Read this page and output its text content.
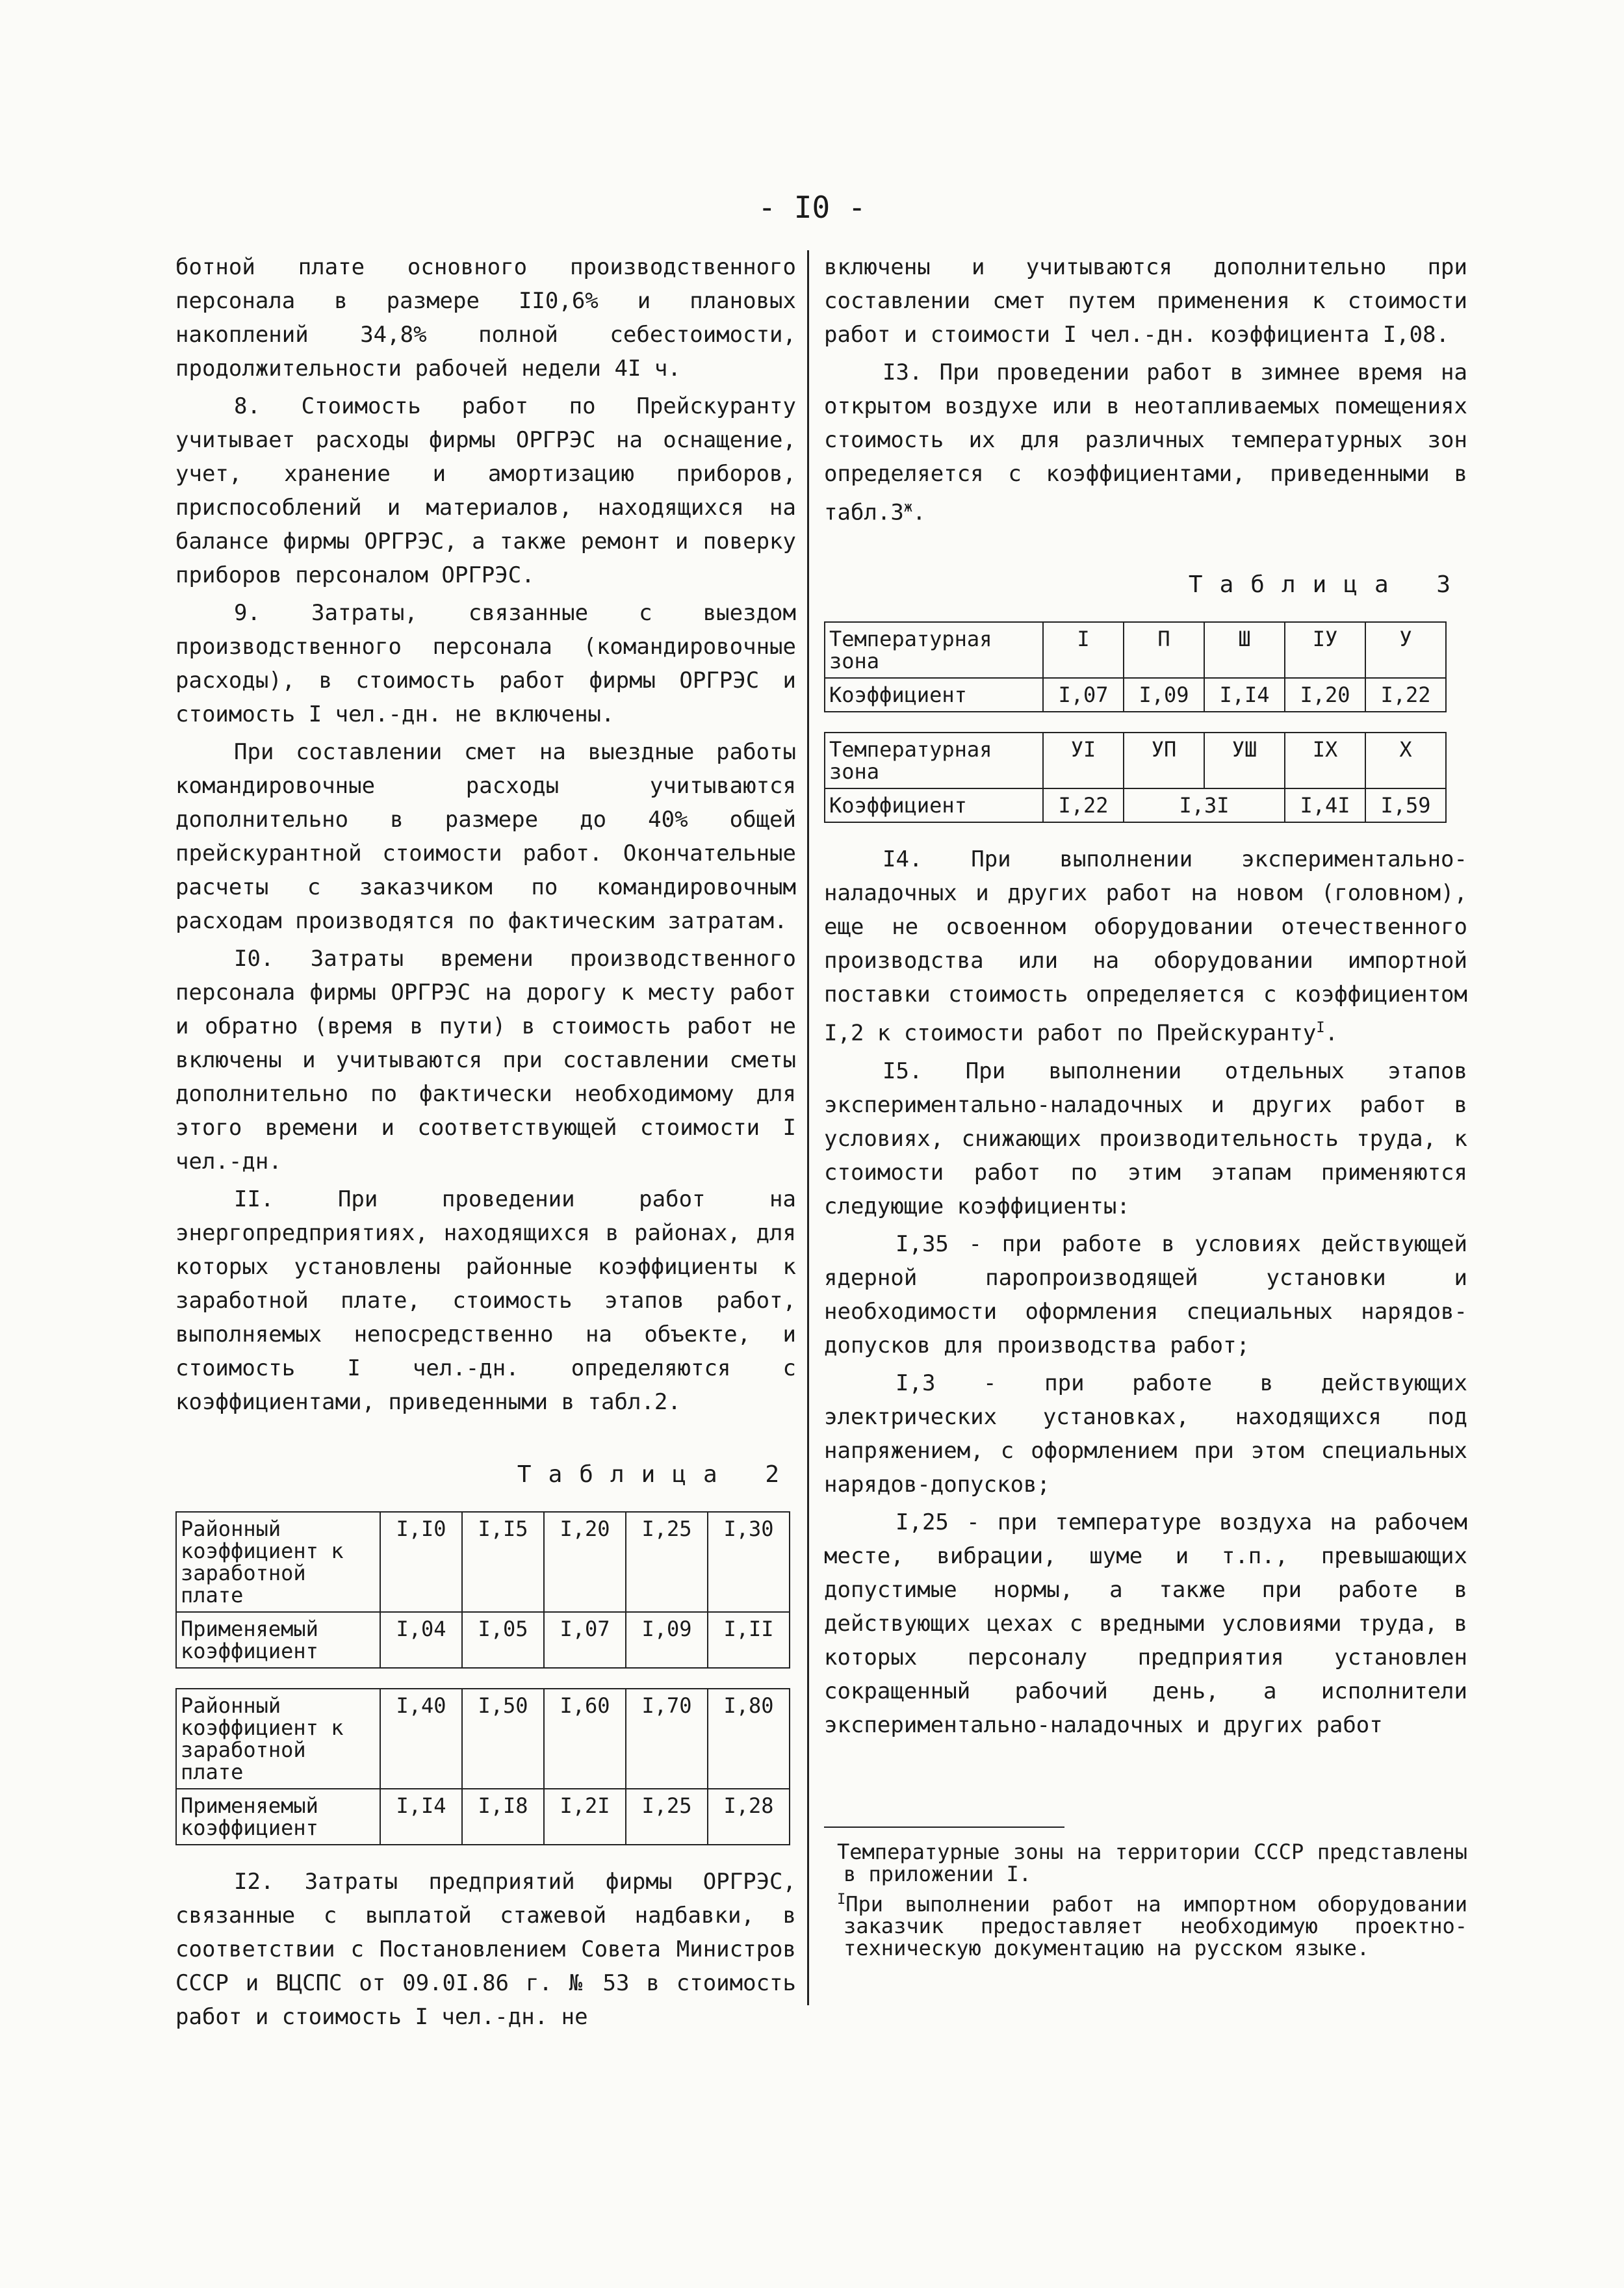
- I0 -

ботной плате основного производственного персонала в размере II0,6% и плановых накоплений 34,8% полной себестоимости, продолжительности рабочей недели 4I ч.

8. Стоимость работ по Прейскуранту учитывает расходы фирмы ОРГРЭС на оснащение, учет, хранение и амортизацию приборов, приспособлений и материалов, находящихся на балансе фирмы ОРГРЭС, а также ремонт и поверку приборов персоналом ОРГРЭС.

9. Затраты, связанные с выездом производственного персонала (командировочные расходы), в стоимость работ фирмы ОРГРЭС и стоимость I чел.-дн. не включены.

При составлении смет на выездные работы командировочные расходы учитываются дополнительно в размере до 40% общей прейскурантной стоимости работ. Окончательные расчеты с заказчиком по командировочным расходам производятся по фактическим затратам.

I0. Затраты времени производственного персонала фирмы ОРГРЭС на дорогу к месту работ и обратно (время в пути) в стоимость работ не включены и учитываются при составлении сметы дополнительно по фактически необходимому для этого времени и соответствующей стоимости I чел.-дн.

II. При проведении работ на энергопредприятиях, находящихся в районах, для которых установлены районные коэффициенты к заработной плате, стоимость этапов работ, выполняемых непосредственно на объекте, и стоимость I чел.-дн. определяются с коэффициентами, приведенными в табл.2.

Таблица 2
Районный коэффициент к заработной плате	I,I0	I,I5	I,20	I,25	I,30
Применяемый коэффициент	I,04	I,05	I,07	I,09	I,II
Районный коэффициент к заработной плате	I,40	I,50	I,60	I,70	I,80
Применяемый коэффициент	I,I4	I,I8	I,2I	I,25	I,28

I2. Затраты предприятий фирмы ОРГРЭС, связанные с выплатой стажевой надбавки, в соответствии с Постановлением Совета Министров СССР и ВЦСПС от 09.0I.86 г. № 53 в стоимость работ и стоимость I чел.-дн. не

включены и учитываются дополнительно при составлении смет путем применения к стоимости работ и стоимости I чел.-дн. коэффициента I,08.

I3. При проведении работ в зимнее время на открытом воздухе или в неотапливаемых помещениях стоимость их для различных температурных зон определяется с коэффициентами, приведенными в $табл.3^ж$.

Таблица 3
Температурная зона	I	П	Ш	IУ	У
Коэффициент	I,07	I,09	I,I4	I,20	I,22
Температурная зона	УI	УП	УШ	IX	X
Коэффициент	I,22	I,3I		I,4I	I,59

I4. При выполнении экспериментально-наладочных и других работ на новом (головном), еще не освоенном оборудовании отечественного производства или на оборудовании импортной поставки стоимость определяется с коэффициентом I,2 к стоимости работ по Прейскуранту$^I$.

I5. При выполнении отдельных этапов экспериментально-наладочных и других работ в условиях, снижающих производительность труда, к стоимости работ по этим этапам применяются следующие коэффициенты:

I,35 - при работе в условиях действующей ядерной паропроизводящей установки и необходимости оформления специальных нарядов-допусков для производства работ;

I,3 - при работе в действующих электрических установках, находящихся под напряжением, с оформлением при этом специальных нарядов-допусков;

I,25 - при температуре воздуха на рабочем месте, вибрации, шуме и т.п., превышающих допустимые нормы, а также при работе в действующих цехах с вредными условиями труда, в которых персоналу предприятия установлен сокращенный рабочий день, а исполнители экспериментально-наладочных и других работ

Температурные зоны на территории СССР представлены в приложении I.

$^I$При выполнении работ на импортном оборудовании заказчик предоставляет необходимую проектно-техническую документацию на русском языке.
